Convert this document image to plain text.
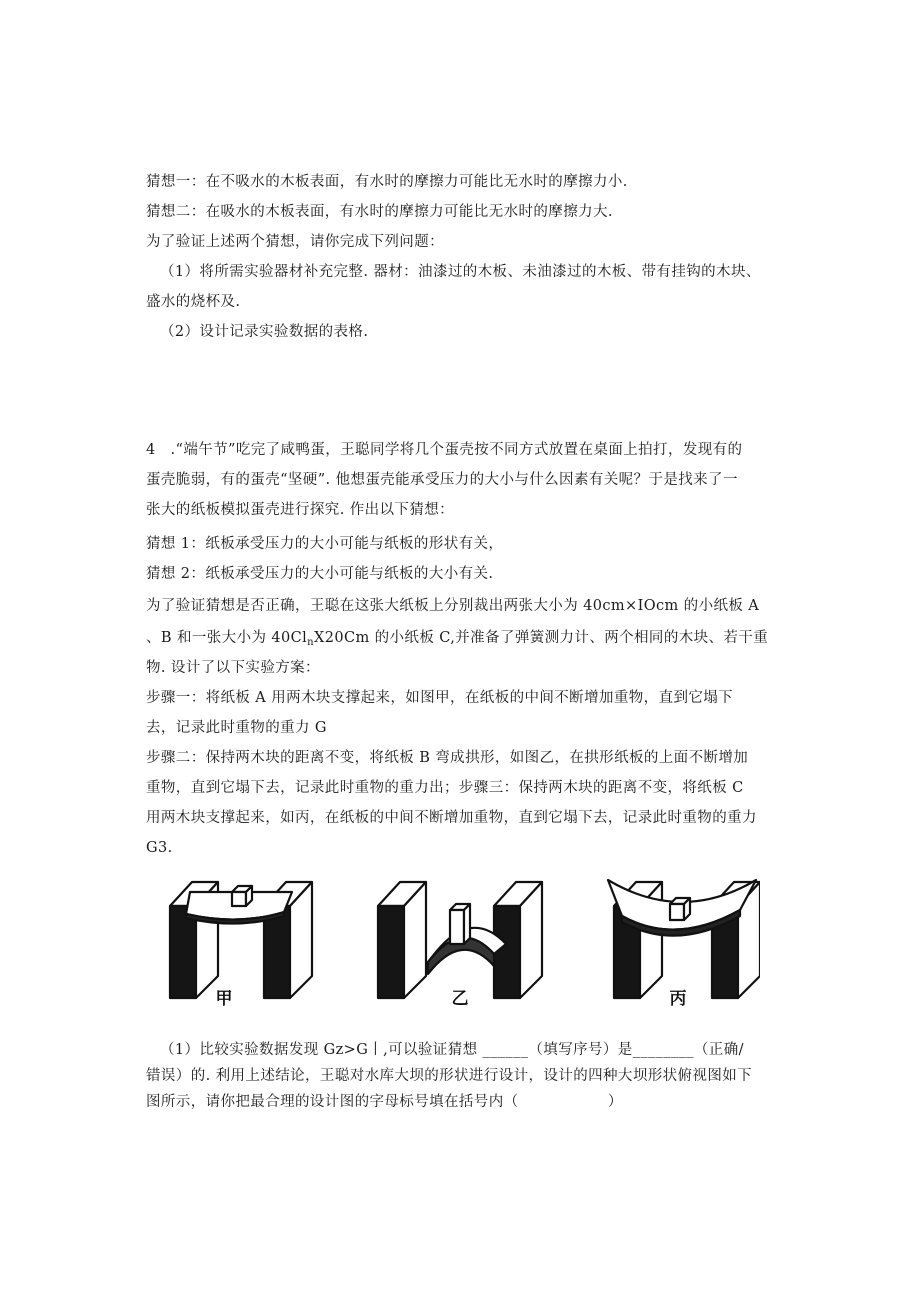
猜想一：在不吸水的木板表面，有水时的摩擦力可能比无水时的摩擦力小.
猜想二：在吸水的木板表面，有水时的摩擦力可能比无水时的摩擦力大.
为了验证上述两个猜想，请你完成下列问题：
（1）将所需实验器材补充完整. 器材：油漆过的木板、未油漆过的木板、带有挂钩的木块、
盛水的烧杯及.
（2）设计记录实验数据的表格.
4　.“端午节”吃完了咸鸭蛋，王聪同学将几个蛋壳按不同方式放置在桌面上拍打，发现有的
蛋壳脆弱，有的蛋壳“坚硬”. 他想蛋壳能承受压力的大小与什么因素有关呢？于是找来了一
张大的纸板模拟蛋壳进行探究. 作出以下猜想：
猜想 1：纸板承受压力的大小可能与纸板的形状有关，
猜想 2：纸板承受压力的大小可能与纸板的大小有关.
为了验证猜想是否正确，王聪在这张大纸板上分别裁出两张大小为 40cm×IOcm 的小纸板 A
、B 和一张大小为 $40Cl_nX20Cm$ 的小纸板 C,并准备了弹簧测力计、两个相同的木块、若干重
物. 设计了以下实验方案：
步骤一：将纸板 A 用两木块支撑起来，如图甲，在纸板的中间不断增加重物，直到它塌下
去，记录此时重物的重力 G
步骤二：保持两木块的距离不变，将纸板 B 弯成拱形，如图乙，在拱形纸板的上面不断增加
重物，直到它塌下去，记录此时重物的重力出；步骤三：保持两木块的距离不变，将纸板 C
用两木块支撑起来，如丙，在纸板的中间不断增加重物，直到它塌下去，记录此时重物的重力
G3.
甲	乙	丙
（1）比较实验数据发现 Gz>G丨,可以验证猜想 ______（填写序号）是________（正确/
错误）的. 利用上述结论，王聪对水库大坝的形状进行设计，设计的四种大坝形状俯视图如下
图所示，请你把最合理的设计图的字母标号填在括号内（　　　　　　）
